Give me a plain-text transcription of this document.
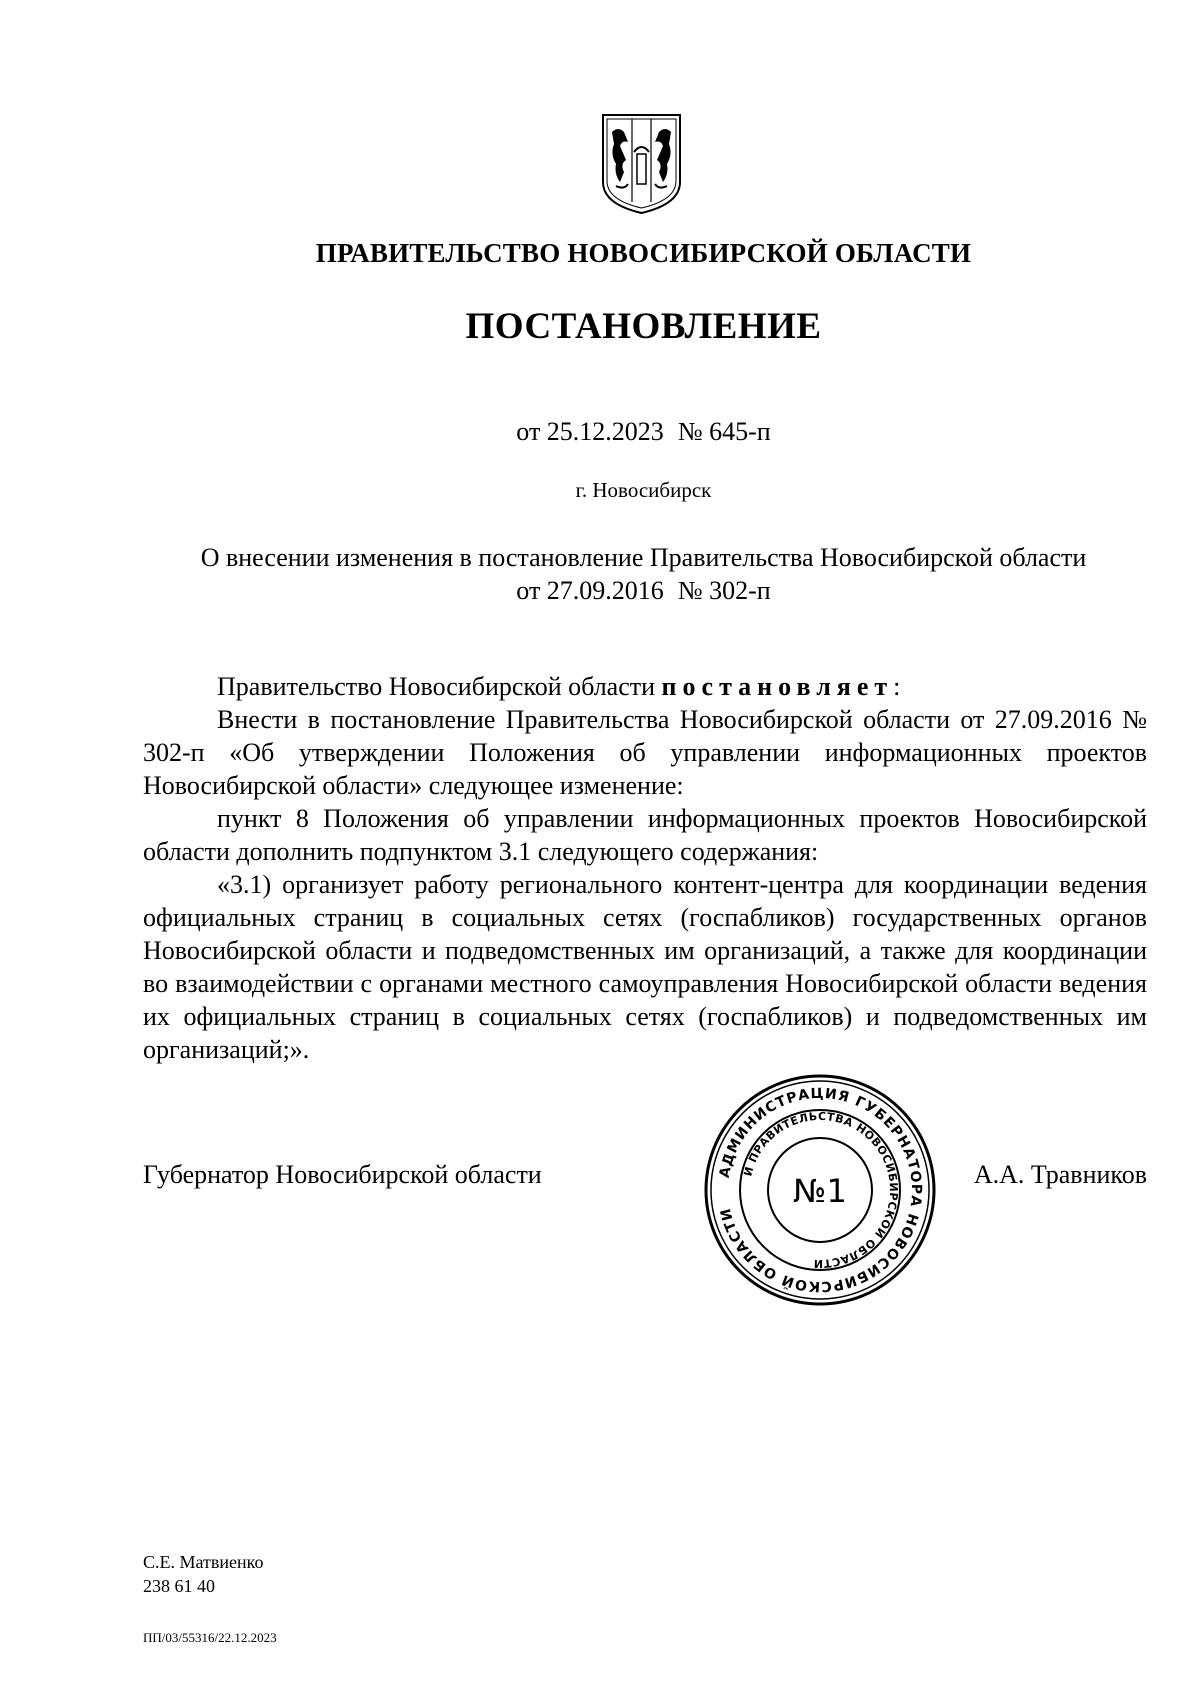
ПРАВИТЕЛЬСТВО НОВОСИБИРСКОЙ ОБЛАСТИ
ПОСТАНОВЛЕНИЕ
от 25.12.2023 № 645-п
г. Новосибирск
О внесении изменения в постановление Правительства Новосибирской области
от 27.09.2016 № 302-п

Правительство Новосибирской области постановляет:

Внести в постановление Правительства Новосибирской области от 27.09.2016 № 302-п «Об утверждении Положения об управлении информационных проектов Новосибирской области» следующее изменение:

пункт 8 Положения об управлении информационных проектов Новосибирской области дополнить подпунктом 3.1 следующего содержания:

«3.1) организует работу регионального контент-центра для координации ведения официальных страниц в социальных сетях (госпабликов) государственных органов Новосибирской области и подведомственных им организаций, а также для координации во взаимодействии с органами местного самоуправления Новосибирской области ведения их официальных страниц в социальных сетях (госпабликов) и подведомственных им организаций;».

АДМИНИСТРАЦИЯ ГУБЕРНАТОРА НОВОСИБИРСКОЙ ОБЛАСТИ
И ПРАВИТЕЛЬСТВА НОВОСИБИРСКОЙ ОБЛАСТИ
№1
Губернатор Новосибирской области	А.А. Травников
С.Е. Матвиенко
238 61 40
ПП/03/55316/22.12.2023
